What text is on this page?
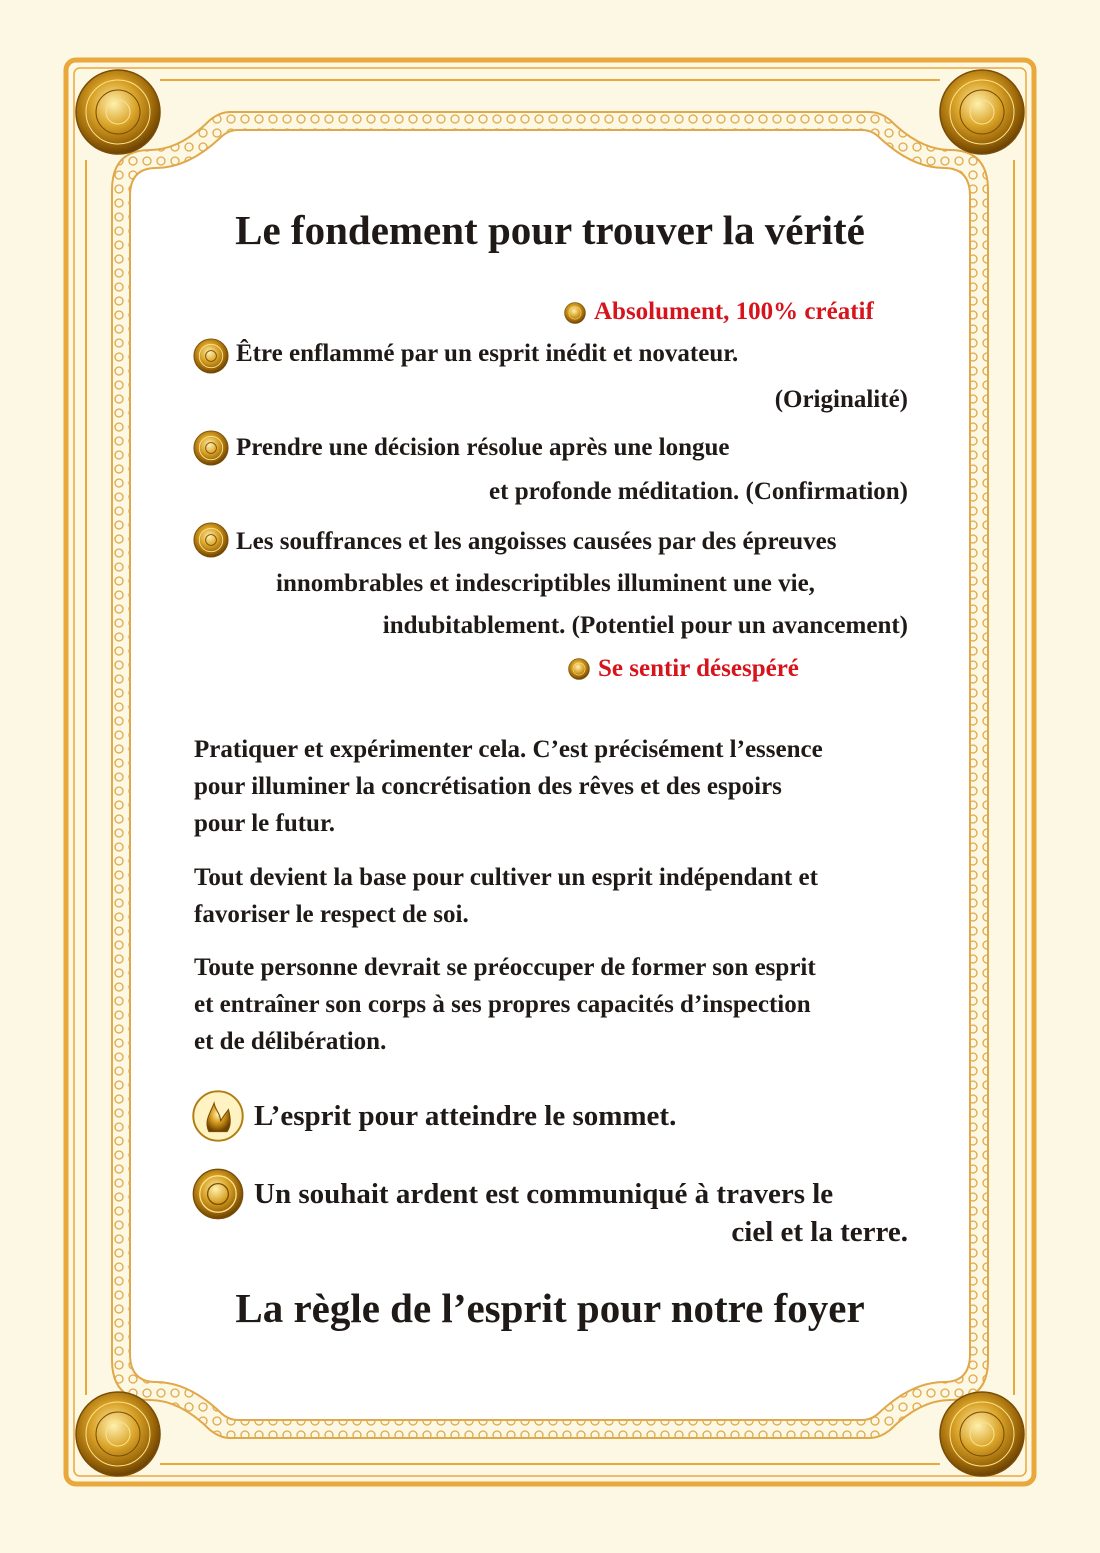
Le fondement pour trouver la vérité

Absolument, 100% créatif

Être enflammé par un esprit inédit et novateur.

(Originalité)

Prendre une décision résolue après une longue

et profonde méditation. (Confirmation)

Les souffrances et les angoisses causées par des épreuves

innombrables et indescriptibles illuminent une vie,

indubitablement. (Potentiel pour un avancement)

Se sentir désespéré

Pratiquer et expérimenter cela. C’est précisément l’essence

pour illuminer la concrétisation des rêves et des espoirs

pour le futur.

Tout devient la base pour cultiver un esprit indépendant et

favoriser le respect de soi.

Toute personne devrait se préoccuper de former son esprit

et entraîner son corps à ses propres capacités d’inspection

et de délibération.

L’esprit pour atteindre le sommet.

Un souhait ardent est communiqué à travers le

ciel et la terre.

La règle de l’esprit pour notre foyer
